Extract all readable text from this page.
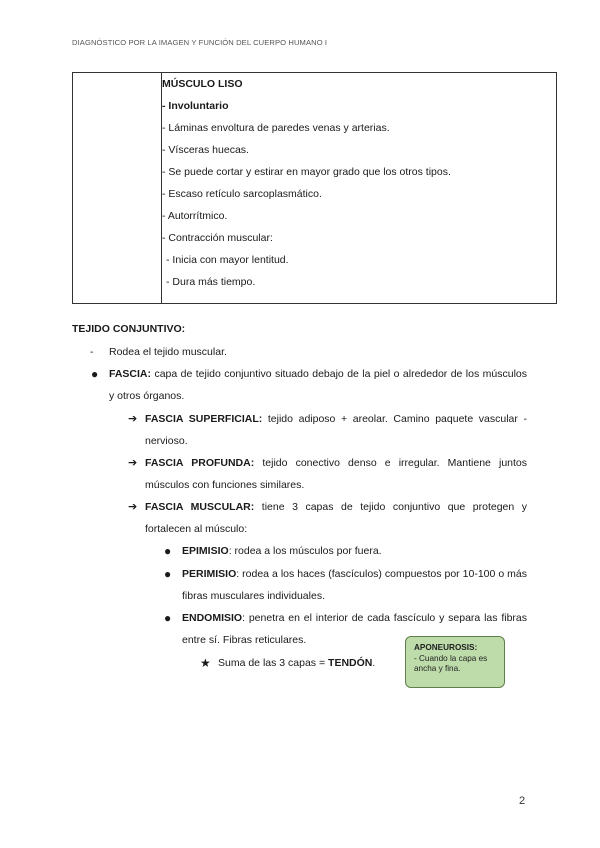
DIAGNÓSTICO POR LA IMAGEN Y FUNCIÓN DEL CUERPO HUMANO I

MÚSCULO LISO
- Involuntario
- Láminas envoltura de paredes venas y arterias.
- Vísceras huecas.
- Se puede cortar y estirar en mayor grado que los otros tipos.
- Escaso retículo sarcoplasmático.
- Autorrítmico.
- Contracción muscular:
- Inicia con mayor lentitud.
- Dura más tiempo.
TEJIDO CONJUNTIVO:
- Rodea el tejido muscular.
● FASCIA: capa de tejido conjuntivo situado debajo de la piel o alrededor de los músculos y otros órganos.
➔ FASCIA SUPERFICIAL: tejido adiposo + areolar. Camino paquete vascular - nervioso.
➔ FASCIA PROFUNDA: tejido conectivo denso e irregular. Mantiene juntos músculos con funciones similares.
➔ FASCIA MUSCULAR: tiene 3 capas de tejido conjuntivo que protegen y fortalecen al músculo:
● EPIMISIO: rodea a los músculos por fuera.
● PERIMISIO: rodea a los haces (fascículos) compuestos por 10-100 o más fibras musculares individuales.
● ENDOMISIO: penetra en el interior de cada fascículo y separa las fibras entre sí. Fibras reticulares.
★ Suma de las 3 capas = TENDÓN.
APONEUROSIS:
- Cuando la capa es ancha y fina.
2
